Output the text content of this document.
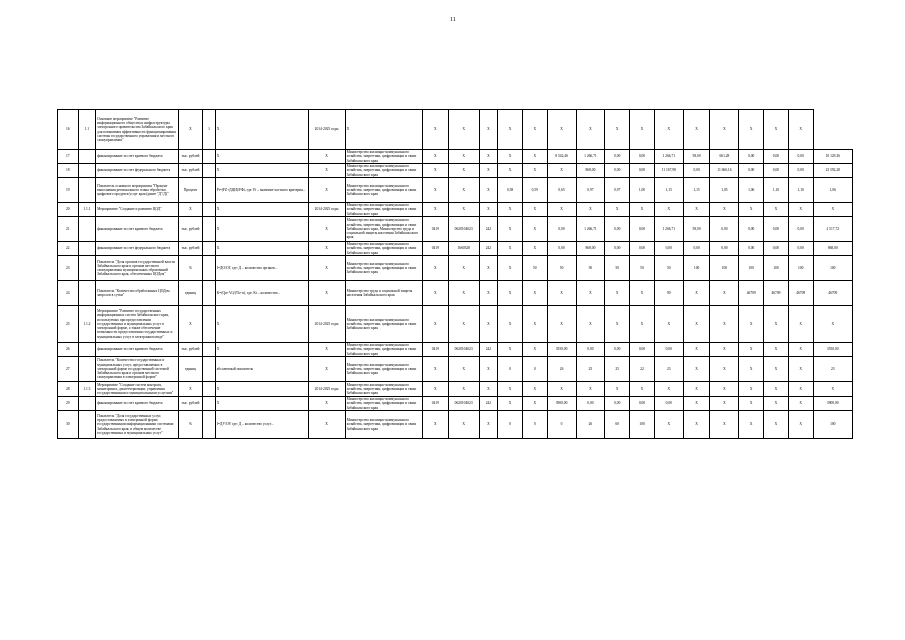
11
16	1.1	Основное мероприятие "Развитие информационного общества и инфраструктуры электронного правительства Забайкальского края для повышения эффективности функционирования системы государственного управления и местного самоуправления"	X	1	X	2014-2025 годы	X	X	X	X	X	X	X	X	X	X	X	X	X	X	X	X	
17		финансирование за счет краевого бюджета	тыс. рублей		X	X	Министерство жилищно-коммунального хозяйства, энергетики, цифровизации и связи Забайкальского края	X	X	X	X	X	8 542,46	1 266,71	0,00	0,00	1 266,71	58,00	661,28	0,00	0,00	0,00	10 129,36
18		финансирование за счет федерального бюджета	тыс. рублей		X	X	Министерство жилищно-коммунального хозяйства, энергетики, цифровизации и связи Забайкальского края	X	X	X	X	X	X	868,00	0,00	0,00	11 167,98	0,00	11 666,16	0,00	0,00	0,00	23 592,28
19		Показатель основного мероприятия "Процент выполнения регионального плана обработки цифрового продукта/услуг края (ранее "Д"/Д)"	Процент		Pi=(FZ+ДЦИ)/FФi, где: Fi – значение частного критерия...	X	Министерство жилищно-коммунального хозяйства, энергетики, цифровизации и связи Забайкальского края	X	X	X	0,58	0,59	0,65	0,97	0,97	1,00	1,15	1,15	1,05	1,06	1,10	1,10	1,06
20	1.1.1	Мероприятие "Создание и развитие ЦОД"	X		X	2014-2025 годы	Министерство жилищно-коммунального хозяйства, энергетики, цифровизации и связи Забайкальского края	X	X	X	X	X	X	X	X	X	X	X	X	X	X	X	X
21		финансирование за счет краевого бюджета	тыс. рублей		X	X	Министерство жилищно-коммунального хозяйства, энергетики, цифровизации и связи Забайкальского края, Министерство труда и социальной защиты населения Забайкальского края	0419	0620104023	242	X	X	0,00	1 266,71	0,00	0,00	1 266,71	58,00	0,00	0,00	0,00	0,00	2 517,72
22		финансирование за счет федерального бюджета	тыс. рублей		X	X	Министерство жилищно-коммунального хозяйства, энергетики, цифровизации и связи Забайкальского края	0419	1660328	242	X	X	0,00	868,00	0,00	0,00	0,00	0,00	0,00	0,00	0,00	0,00	868,00
23		Показатель "Доля органов государственной власти Забайкальского края и органов местного самоуправления муниципальных образований Забайкальского края, обеспеченных ЦОДом"	%		I=ДО/ОГ, где: Д – количество органов...	X	Министерство жилищно-коммунального хозяйства, энергетики, цифровизации и связи Забайкальского края	X	X	X	X	50	50	50	50	50	50	100	100	100	100	100	100
24		Показатель "Количество обработанных ЦОДом запросов в сутки"	единиц		K=(Qn+Vt)/(Tk+n), где: Kt – количество...	X	Министерство труда и социальной защиты населения Забайкальского края	X	X	X	X	X	X	X	X	X	90	X	X	46709	46709	46709	46709
25	1.1.2	Мероприятие "Развитие государственных информационных систем Забайкальского края, используемых при предоставлении государственных и муниципальных услуг в электронной форме, а также обеспечение возможности предоставления государственных и муниципальных услуг в электронном виде"	X		X	2014-2025 годы	Министерство жилищно-коммунального хозяйства, энергетики, цифровизации и связи Забайкальского края	X	X	X	X	X	X	X	X	X	X	X	X	X	X	X	X
26		финансирование за счет краевого бюджета	тыс. рублей		X	X	Министерство жилищно-коммунального хозяйства, энергетики, цифровизации и связи Забайкальского края	0419	0620104023	242	X	X	3550,00	0,00	0,00	0,00	0,00	X	X	X	X	X	3550,00
27		Показатель "Количество государственных и муниципальных услуг, предоставляемых в электронной форме государственной системой Забайкальского края и органов местного самоуправления в электронной форме"	единиц		абсолютный показатель	X	Министерство жилищно-коммунального хозяйства, энергетики, цифровизации и связи Забайкальского края	X	X	X	0	0	26	25	25	22	23	X	X	X	X	X	23
28	1.1.3	Мероприятие "Создание систем контроля, мониторинга, диспетчеризации, управления государственными и муниципальными услугами"	X		X	2014-2025 годы	Министерство жилищно-коммунального хозяйства, энергетики, цифровизации и связи Забайкальского края	X	X	X	X	X	X	X	X	X	X	X	X	X	X	X	X
29		финансирование за счет краевого бюджета	тыс. рублей		X	X	Министерство жилищно-коммунального хозяйства, энергетики, цифровизации и связи Забайкальского края	0419	0620104023	242	X	X	3900,00	0,00	0,00	0,00	0,00	X	X	X	X	X	3900,00
30		Показатель "Доля государственных услуг, предоставляемых в электронной форме, государственными информационными системами Забайкальского края, в общем количестве государственных и муниципальных услуг"	%		I=ДУ/ОУ, где: Д – количество услуг...	X	Министерство жилищно-коммунального хозяйства, энергетики, цифровизации и связи Забайкальского края	X	X	X	0	0	0	26	60	100	X	X	X	X	X	X	100
